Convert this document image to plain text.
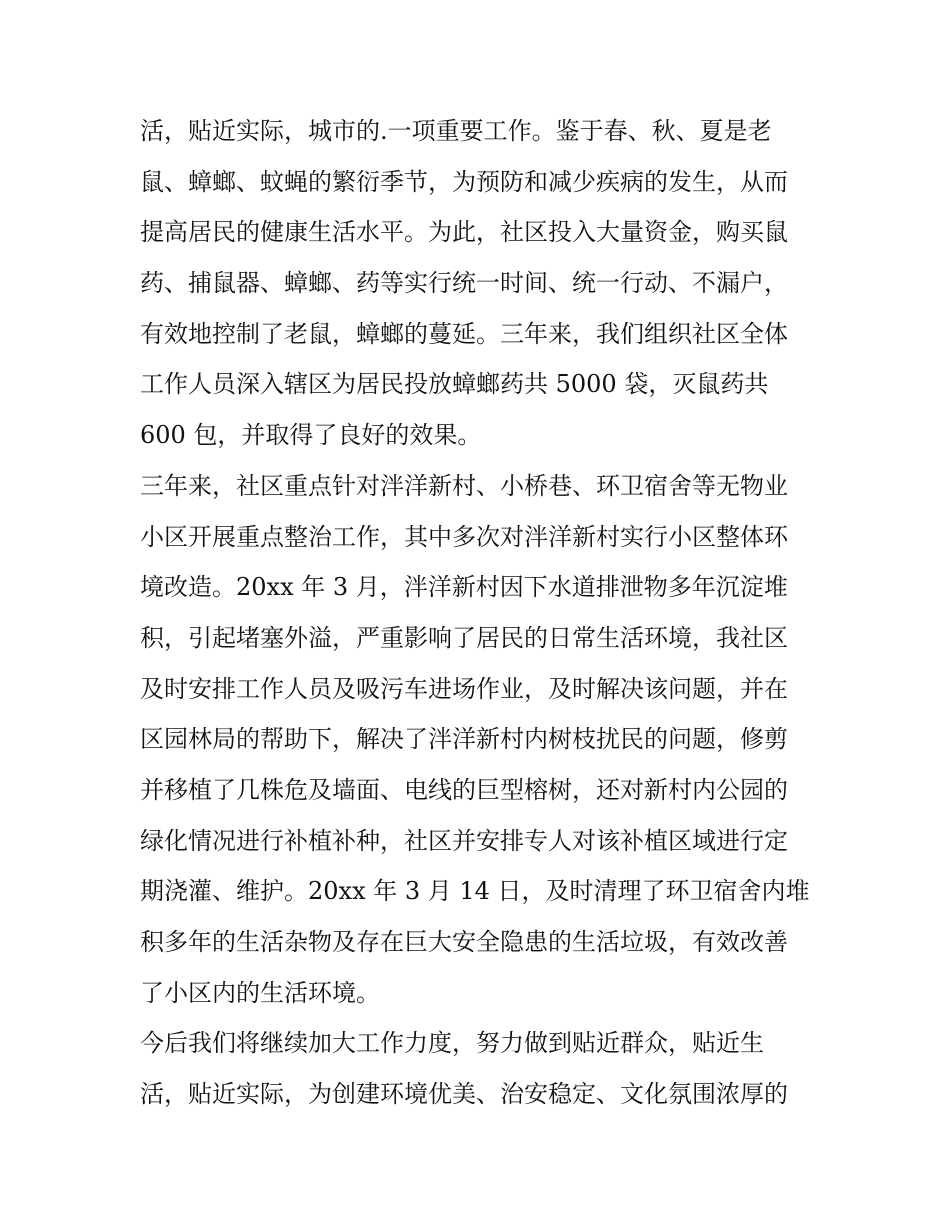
活，贴近实际，城市的.一项重要工作。鉴于春、秋、夏是老
鼠、蟑螂、蚊蝇的繁衍季节，为预防和减少疾病的发生，从而
提高居民的健康生活水平。为此，社区投入大量资金，购买鼠
药、捕鼠器、蟑螂、药等实行统一时间、统一行动、不漏户，
有效地控制了老鼠，蟑螂的蔓延。三年来，我们组织社区全体
工作人员深入辖区为居民投放蟑螂药共 5000 袋，灭鼠药共
600 包，并取得了良好的效果。
三年来，社区重点针对泮洋新村、小桥巷、环卫宿舍等无物业
小区开展重点整治工作，其中多次对泮洋新村实行小区整体环
境改造。20xx 年 3 月，泮洋新村因下水道排泄物多年沉淀堆
积，引起堵塞外溢，严重影响了居民的日常生活环境，我社区
及时安排工作人员及吸污车进场作业，及时解决该问题，并在
区园林局的帮助下，解决了泮洋新村内树枝扰民的问题，修剪
并移植了几株危及墙面、电线的巨型榕树，还对新村内公园的
绿化情况进行补植补种，社区并安排专人对该补植区域进行定
期浇灌、维护。20xx 年 3 月 14 日，及时清理了环卫宿舍内堆
积多年的生活杂物及存在巨大安全隐患的生活垃圾，有效改善
了小区内的生活环境。
今后我们将继续加大工作力度，努力做到贴近群众，贴近生
活，贴近实际，为创建环境优美、治安稳定、文化氛围浓厚的
